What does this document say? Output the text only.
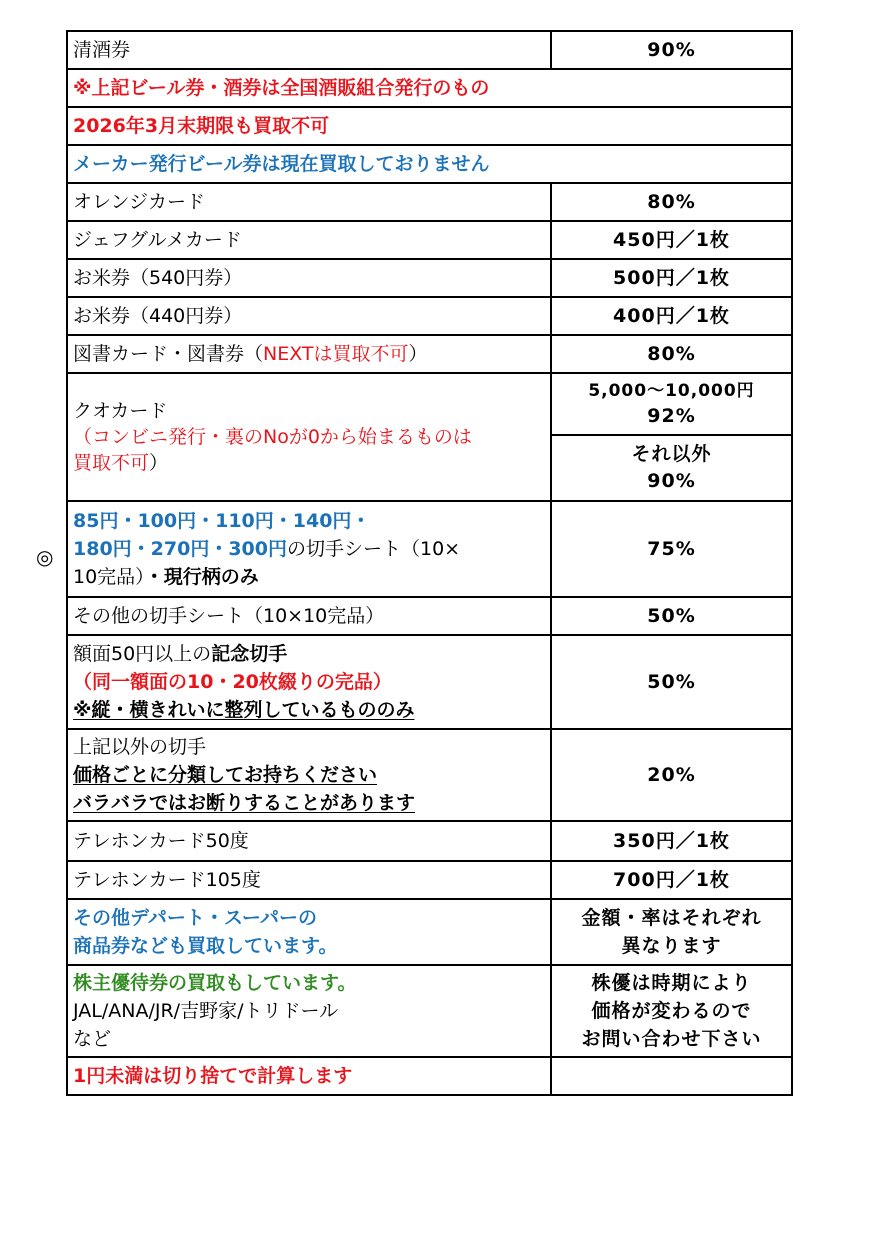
清酒券	90%
※上記ビール券・酒券は全国酒販組合発行のもの	
2026年3月末期限も買取不可	
メーカー発行ビール券は現在買取しておりません	
オレンジカード	80%
ジェフグルメカード	450円／1枚
お米券（540円券）	500円／1枚
お米券（440円券）	400円／1枚
図書カード・図書券（NEXTは買取不可）	80%

クオカード
（コンビニ発行・裏のNoが0から始まるものは
買取不可）	5,000〜10,000円
92%

	それ以外
90%

85円・100円・110円・140円・
180円・270円・300円の切手シート（10×
10完品）・現行柄のみ	75%
その他の切手シート（10×10完品）	50%

額面50円以上の記念切手
（同一額面の10・20枚綴りの完品）
※縦・横きれいに整列しているもののみ	50%

上記以外の切手
価格ごとに分類してお持ちください
バラバラではお断りすることがあります	20%
テレホンカード50度	350円／1枚
テレホンカード105度	700円／1枚

その他デパート・スーパーの
商品券なども買取しています。	金額・率はそれぞれ
異なります

株主優待券の買取もしています。
JAL/ANA/JR/吉野家/トリドール
など	株優は時期により
価格が変わるので
お問い合わせ下さい

1円未満は切り捨てで計算します	
◎
